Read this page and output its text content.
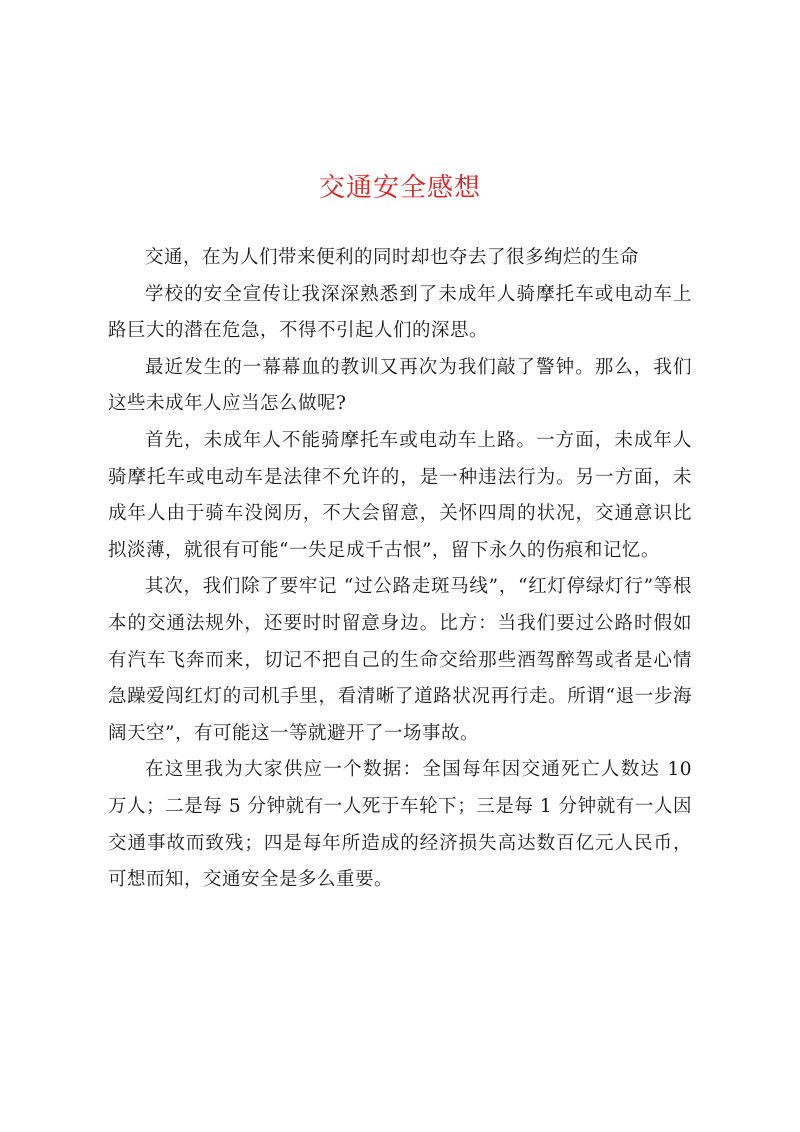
交通安全感想

交通，在为人们带来便利的同时却也夺去了很多绚烂的生命

学校的安全宣传让我深深熟悉到了未成年人骑摩托车或电动车上路巨大的潜在危急，不得不引起人们的深思。

最近发生的一幕幕血的教训又再次为我们敲了警钟。那么，我们这些未成年人应当怎么做呢?

首先，未成年人不能骑摩托车或电动车上路。一方面，未成年人骑摩托车或电动车是法律不允许的，是一种违法行为。另一方面，未成年人由于骑车没阅历，不大会留意，关怀四周的状况，交通意识比拟淡薄，就很有可能“一失足成千古恨”，留下永久的伤痕和记忆。

其次，我们除了要牢记 “过公路走斑马线”，“红灯停绿灯行”等根本的交通法规外，还要时时留意身边。比方：当我们要过公路时假如有汽车飞奔而来，切记不把自己的生命交给那些酒驾醉驾或者是心情急躁爱闯红灯的司机手里，看清晰了道路状况再行走。所谓“退一步海阔天空”，有可能这一等就避开了一场事故。

在这里我为大家供应一个数据：全国每年因交通死亡人数达 10 万人；二是每 5 分钟就有一人死于车轮下；三是每 1 分钟就有一人因交通事故而致残；四是每年所造成的经济损失高达数百亿元人民币，可想而知，交通安全是多么重要。
